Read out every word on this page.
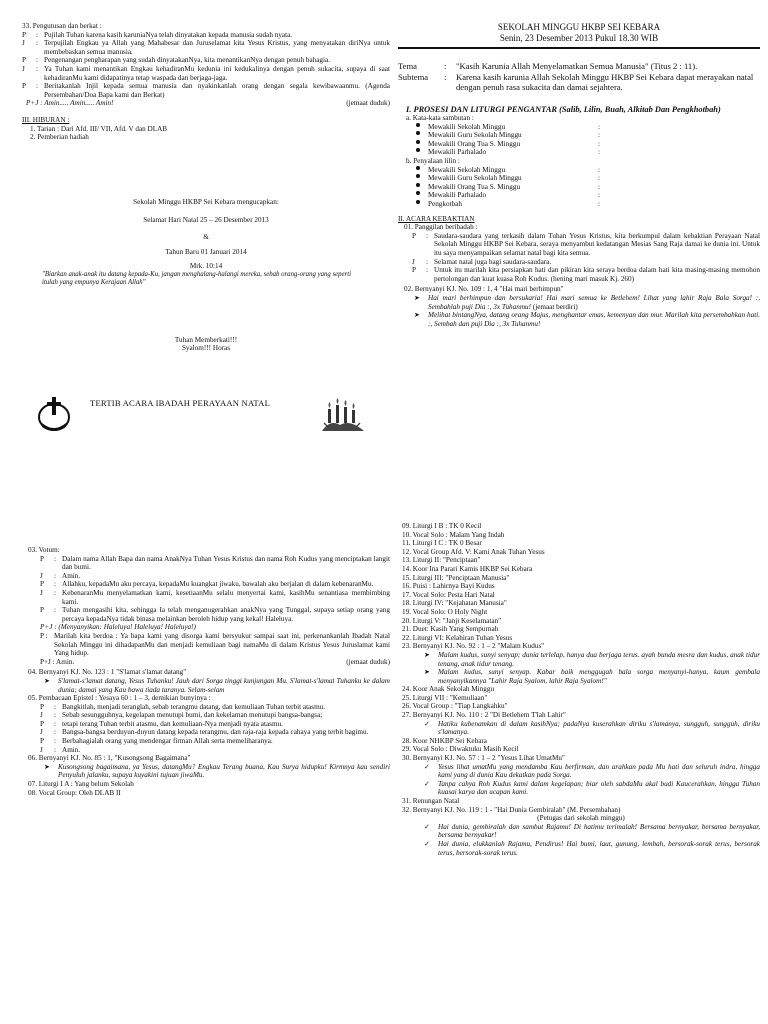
33. Pengutusan dan berkat :
P	: Pujilah Tuhan karena kasih karuniaNya telah dinyatakan kepada manusia sudah nyata.
J	: Terpujilah Engkau ya Allah yang Mahabesar dan Juruselamat kita Yesus Kristus, yang menyatakan diriNya untuk membebaskan semua manusia.
P	: Pengenangan pengharapan yang sudah dinyatakanNya, kita menantikanNya dengan penuh bahagia.
J	: Ya Tuhan kami menantikan Engkau kehadiranMu kedunia ini kedukalinya dengan penuh sukacita, supaya di saat kehadiranMu kami didapatinya tetap waspada dan berjaga-jaga.
P	: Beritakanlah Injil kepada semua manusia dan nyakinkanlah orang dengan segala kewibawaanmu. (Agenda Persembahan/Doa Bapa kami dan Berkat)
P+J : Amin..... Amin..... Amin!	(jemaat duduk)
III. HIBURAN :
1. Tarian : Dari Afd. III/ VII, Afd. V dan DLAB
2. Pemberian hadiah
Sekolah Minggu HKBP Sei Kebara mengucapkan:
Selamat Hari Natal 25 – 26 Desember 2013
&
Tahun Baru 01 Januari 2014
Mrk. 10:14
"Biarkan anak-anak itu datang kepada-Ku, jangan menghalang-halangi mereka, sebab orang-orang yang seperti itulah yang empunya Kerajaan Allah"
Tuhan Memberkati!!!
Syalom!!! Horas
TERTIB ACARA IBADAH PERAYAAN NATAL
SEKOLAH MINGGU HKBP SEI KEBARA
Senin, 23 Desember 2013 Pukul 18.30 WIB
Tema	:	"Kasih Karunia Allah Menyelamatkan Semua Manusia" (Titus 2 : 11).
Subtema	:	Karena kasih karunia Allah Sekolah Minggu HKBP Sei Kebara dapat merayakan natal dengan penuh rasa sukacita dan damai sejahtera.
I. PROSESI DAN LITURGI PENGANTAR (Salib, Lilin, Buah, Alkitab Dan Pengkhotbah)
a. Kata-kata sambutan :
Mewakili Sekolah Minggu	:
Mewakili Guru Sekolah Minggu	:
Mewakili Orang Tua S. Minggu	:
Mewakili Parhalado	:
b. Penyalaan lilin :
Mewakili Sekolah Minggu	:
Mewakili Guru Sekolah Minggu	:
Mewakili Orang Tua S. Minggu	:
Mewakili Parhalado	:
Pengkotbah	:
II. ACARA KEBAKTIAN
01. Panggilan beribadah :
P	: Saudara-saudara yang terkasih dalam Tuhan Yesus Kristus, kita berkumpul dalam kebaktian Perayaan Natal Sekolah Minggu HKBP Sei Kebara, seraya menyambut kedatangan Mesias Sang Raja damai ke dunia ini. Untuk itu saya menyampaikan selamat natal bagi kita semua.
J	: Selamat natal juga bagi saudara-saudara.
P	: Untuk itu marilah kita persiapkan hati dan pikiran kita seraya berdoa dalam hati kita masing-masing memohon pertolongan dan kuat kuasa Roh Kudus. (hening mari masuk Kj. 260)
02. Bernyanyi KJ. No. 109 : 1, 4 "Hai mari berhimpun"
➤	Hai mari berhimpun dan bersukaria! Hai mari semua ke Betlehem! Lihat yang lahir Raja Bala Sorga! :, Sembahlah puji Dia :, 3x Tuhanmu! (jemaat berdiri)
➤	Melihat bintangNya, datang orang Majus, menghantar emas, kemenyan dan mur. Marilah kita persembahkan hati. :, Sembah dan puji Dia :, 3x Tuhanmu!
03. Votum:
P	: Dalam nama Allah Bapa dan nama AnakNya Tuhan Yesus Kristus dan nama Roh Kudus yang menciptakan langit dan bumi.
J	: Amin.
P	: Allahku, kepadaMu aku percaya, kepadaMu kuangkat jiwaku, bawalah aku berjalan di dalam kebenaranMu.
J	: KebenaranMu menyelamatkan kami, kesetiaanMu selalu menyertai kami, kasihMu senantiasa membimbing kami.
P	: Tuhan mengasihi kita, sehingga Ia telah menganugerahkan anakNya yang Tunggal, supaya setiap orang yang percaya kepadaNya tidak binasa melainkan beroleh hidup yang kekal! Haleluya.
P+J : (Menyanyikan: Haleluya! Haleluya! Haleluya!)
P : Marilah kita berdoa : Ya bapa kami yang disorga kami bersyukur sampai saat ini, perkenankanlah Ibadah Natal Sekolah Minggu ini dihadapanMu dan menjadi kemuliaan bagi namaMu di dalam Kristus Yesus Juruslamat kami Yang hidup.
P+J : Amin.	(jemaat duduk)
04. Bernyanyi KJ. No. 123 : 1 "S'lamat s'lamat datang"
➤	S'lamat-s'lamat datang, Yesus Tuhanku! Jauh dari Sorga tinggi kunjungan Mu. S'lamat-s'lamat Tuhanku ke dalam dunia; damai yang Kau bawa tiada taranya. Selam-selam
05. Pembacaan Epistel : Yesaya 60 : 1 – 3, demikian bunyinya :
P	: Bangkitlah, menjadi teranglah, sebab terangmu datang, dan kemuliaan Tuhan terbit atasmu.
J	: Sebab sesungguhnya, kegelapan menutupi bumi, dan kekelaman menutupi bangsa-bangsa;
P	: tetapi terang Tuhan terbit atasmu, dan kemuliaan-Nya menjadi nyata atasmu.
J	: Bangsa-bangsa berduyun-duyun datang kepada terangmu, dan raja-raja kepada cahaya yang terbit bagimu.
P	: Berbahagialah orang yang mendengar firman Allah serta memeliharanya.
J	: Amin.
06. Bernyanyi KJ. No. 85 : 1, "Kusongsong Bagaimana"
➤	Kusongsong bagaimana, ya Yesus, datangMu? Engkau Terang buana, Kau Surya hidupku! Kirmnya kau sendiri Penyuluh jalanku, supaya kuyakini tujuan jiwaMu.
07. Liturgi I A : Yang belum Sekolah
08. Vocal Group: Oleh DLAB II
09. Liturgi I B : TK 0 Kecil
10. Vocal Solo : Malam Yang Indah
11. Liturgi I C : TK 0 Besar
12. Vocal Group Afd. V: Kami Anak Tuhan Yesus
13. Liturgi II: "Penciptaan"
14. Koor Ina Parari Kamis HKBP Sei Kebara
15. Liturgi III: "Penciptaan Manusia"
16. Puisi : Lahirnya Bayi Kudus
17. Vocal Solo: Pesta Hari Natal
18. Liturgi IV: "Kejahatan Manusia"
19. Vocal Solo: O Holy Night
20. Liturgi V: "Janji Keselamatan"
21. Duet: Kasih Yang Sempurnah
22. Liturgi VI: Kelahiran Tuhan Yesus
23. Bernyanyi KJ. No. 92 : 1 – 2 "Malam Kudus"
➤	Malam kudus, sunyi senyap; dunia terlelap, hanya dua berjaga terus. ayah bunda mesra dan kudus, anak tidur tenang, anak tidur tenang.
➤	Malam kudus, sunyi senyap. Kabar baik menggugah bala sorga menyanyi-hanya, kaum gembala menyanyikannya "Lahir Raja Syalom, lahir Raja Syalom!"
24. Koor Anak Sekolah Minggu
25. Liturgi VII : "Kemuliaan"
26. Vocal Group : "Tiap Langkahku"
27. Bernyanyi KJ. No. 110 : 2 "Di Betlehem T'lah Lahir"
✓	Hatiku kubenamkan di dalam kasihNya; padaNya kuserahkan diriku s'lamanya, sungguh, sungguh, diriku s'lamanya.
28. Koor NHKBP Sei Kebara
29. Vocal Solo : Diwaktuku Masih Kecil
30. Bernyanyi KJ. No. 57 : 1 – 2 "Yesus Lihat UmatMu"
✓	Yesus lihat umatMu yang mendamba Kau berfirman, dan arahkan pada Mu hati dan seluruh indra, hingga kami yang di dunia Kau dekatkan pada Sorga.
✓	Tanpa cahya Roh Kudus kami dalam kegelapan; biar oleh sabdaMu akal budi Kaucerahkan, hingga Tuhan kuasai karya dan ucapan kami.
31. Renungan Natal
32. Bernyanyi KJ. No. 119 : 1 - "Hai Dunia Gembiralah" (M. Persembahan)
(Petugas dari sekolah minggu)
✓	Hai dunia, gembiralah dan sambut Rajamu! Di hatimu terimalah! Bersama bernyakar, bersama bernyakar, bersama bernyakar!
✓	Hai dunia, elukkanlah Rajamu, Pendirus! Hai bumi, laut, gunung, lembah, bersorak-sorak terus, bersorak terus, bersorak-sorak terus.
